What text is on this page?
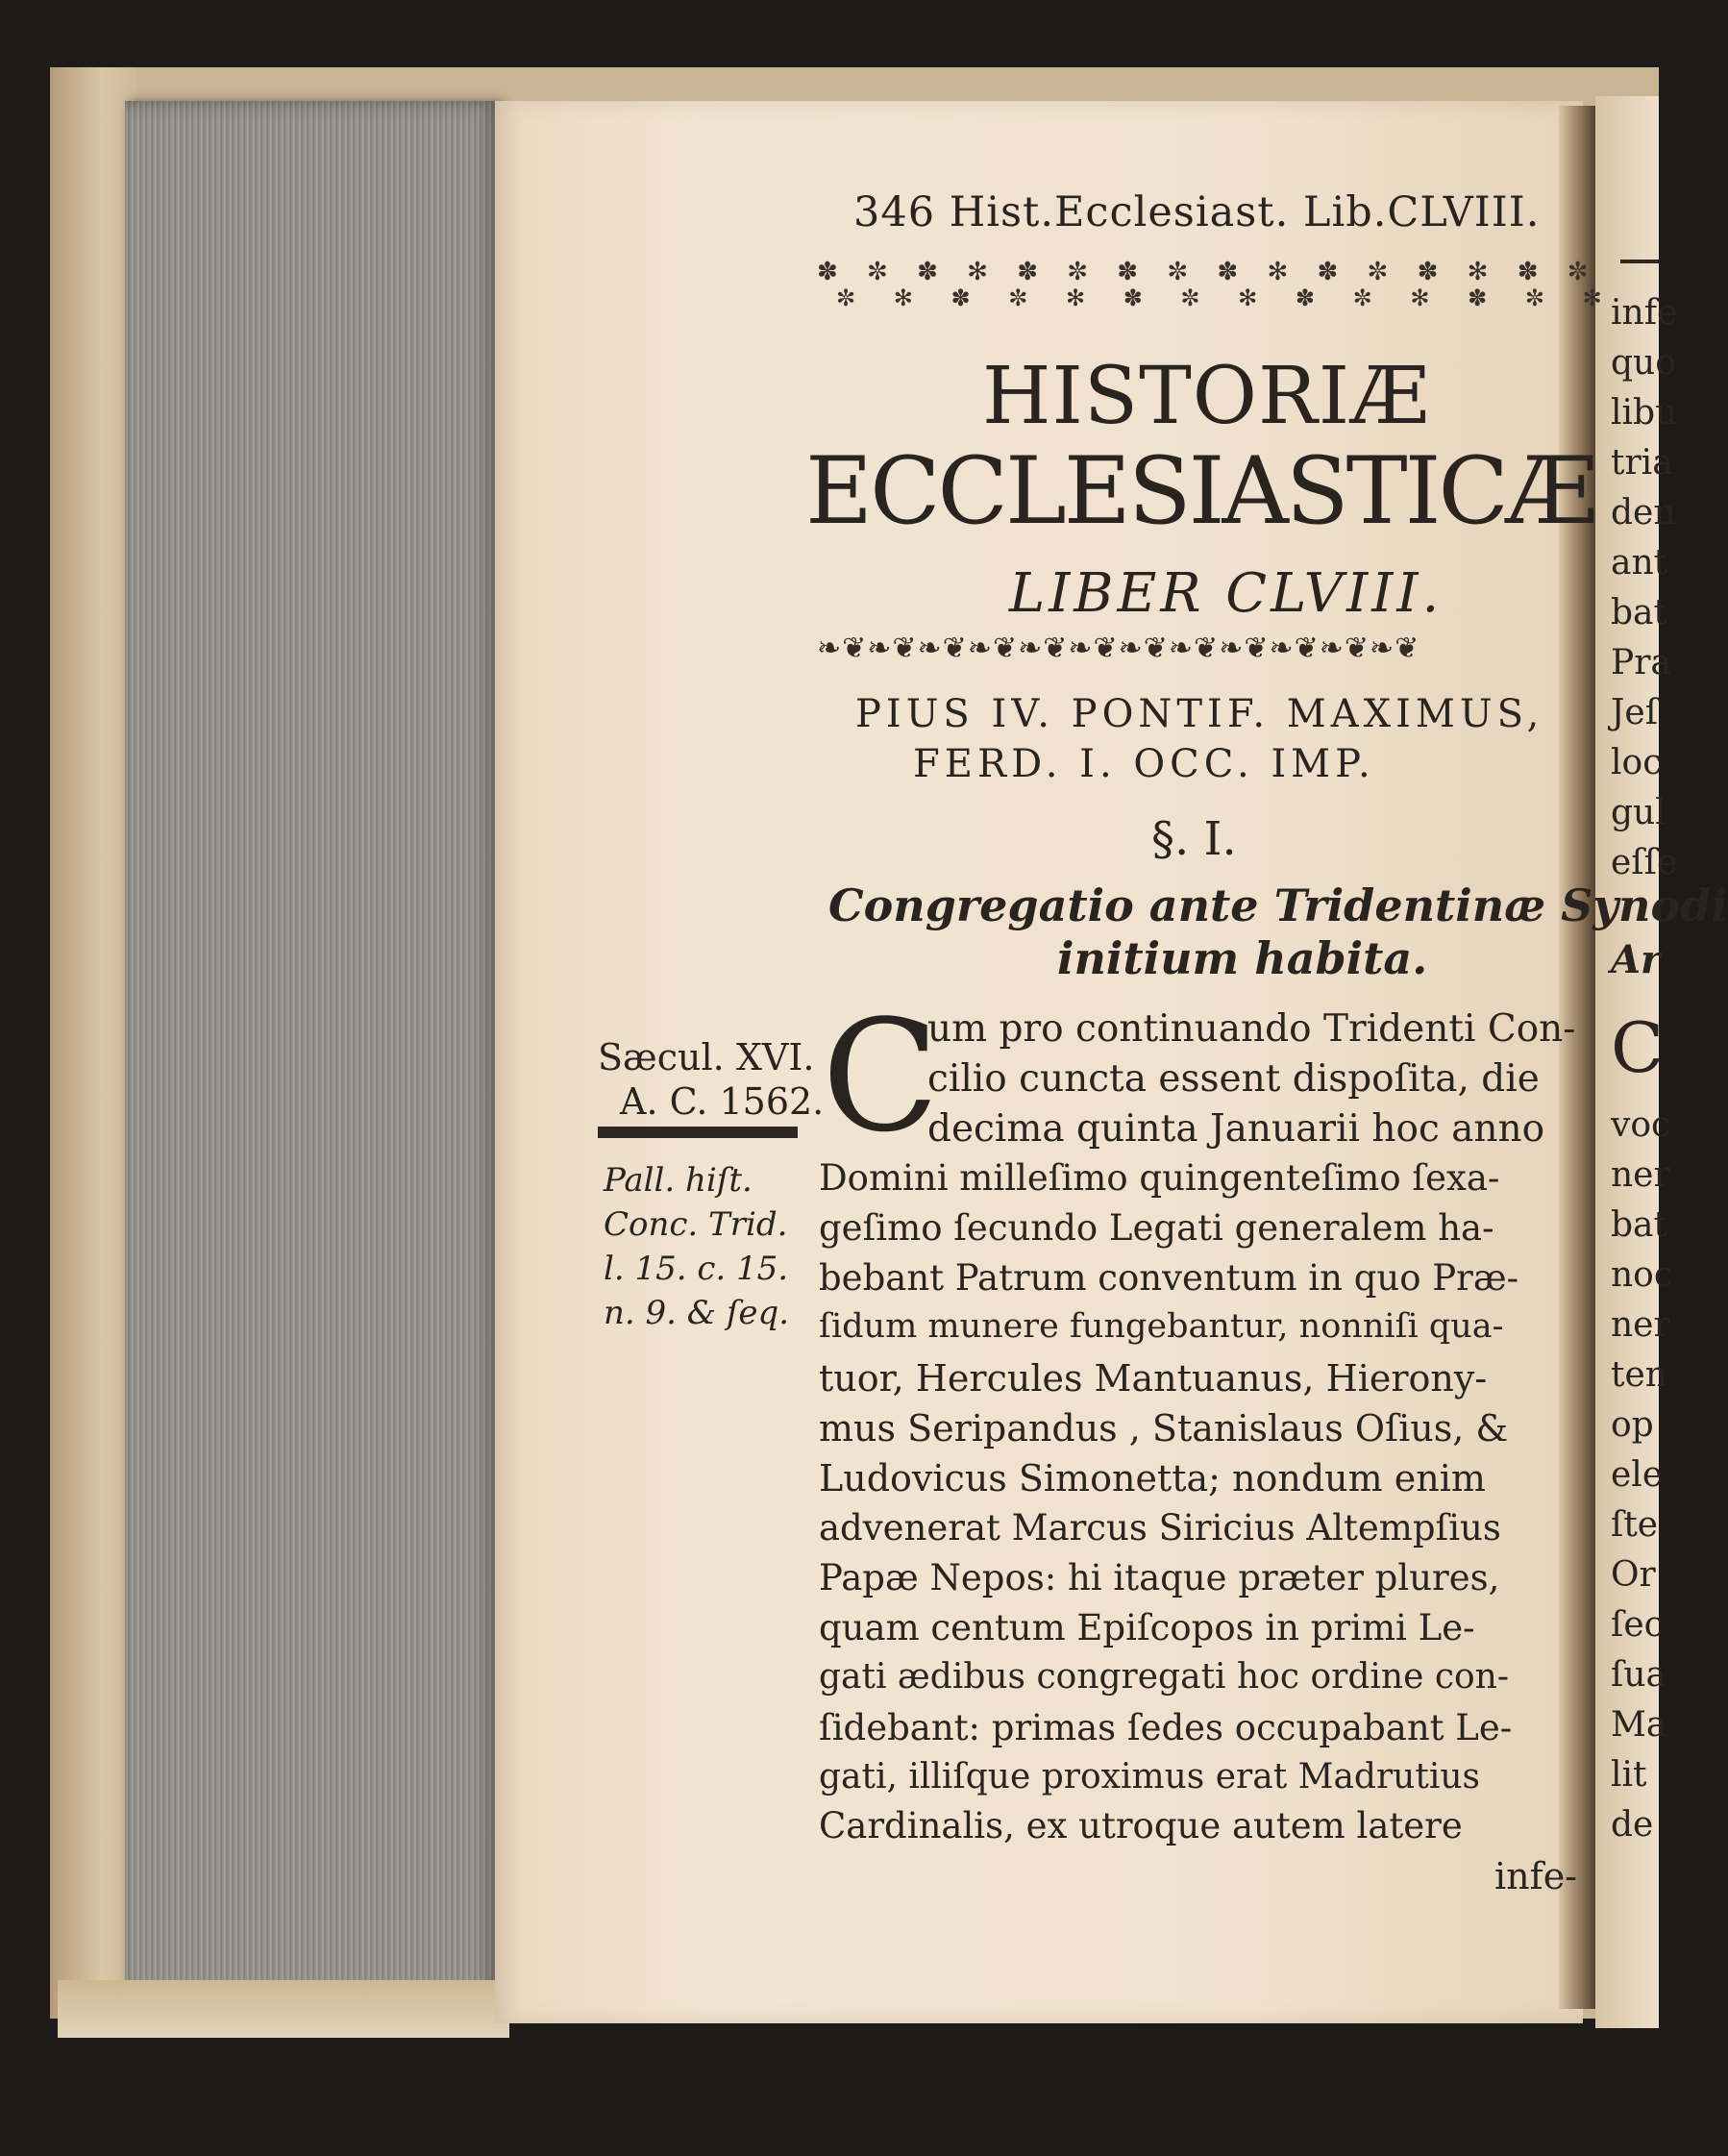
346 Hist.Ecclesiast. Lib.CLVIII.
✽ ✼ ✽ ✻ ✽ ✼ ✽ ✼ ✽ ✻ ✽ ✼ ✽ ✻ ✽ ✼
✼ ✻ ✽ ✼ ✻ ✽ ✼ ✻ ✽ ✼ ✻ ✽ ✼ ✻
HISTORIÆ
ECCLESIASTICÆ
LIBER CLVIII.
❧❦❧❦❧❦❧❦❧❦❧❦❧❦❧❦❧❦❧❦❧❦❧❦
PIUS IV. PONTIF. MAXIMUS,
FERD. I. OCC. IMP.
§. I.
Congregatio ante Tridentinæ Synodi
initium habita.
C
um pro continuando Tridenti Con-
cilio cuncta essent dispoſita, die
decima quinta Januarii hoc anno
Domini milleſimo quingenteſimo ſexa-
geſimo ſecundo Legati generalem ha-
bebant Patrum conventum in quo Præ-
ſidum munere fungebantur, nonniſi qua-
tuor, Hercules Mantuanus, Hierony-
mus Seripandus , Stanislaus Oſius, &
Ludovicus Simonetta; nondum enim
advenerat Marcus Siricius Altempſius
Papæ Nepos: hi itaque præter plures,
quam centum Epiſcopos in primi Le-
gati ædibus congregati hoc ordine con-
ſidebant: primas ſedes occupabant Le-
gati, illiſque proximus erat Madrutius
Cardinalis, ex utroque autem latere
infe-
Sæcul. XVI.
A. C. 1562.
Pall. hiſt.
Conc. Trid.
l. 15. c. 15.
n. 9. & ſeq.
infe
quo
libu
tria
den
ant
bat
Pra
Jeſ
loc
gul
eſſe
Ar
C
voc
ner
bat
noc
ner
ten
op
ele
ſte
Or
ſec
ſua
Ma
lit
de
